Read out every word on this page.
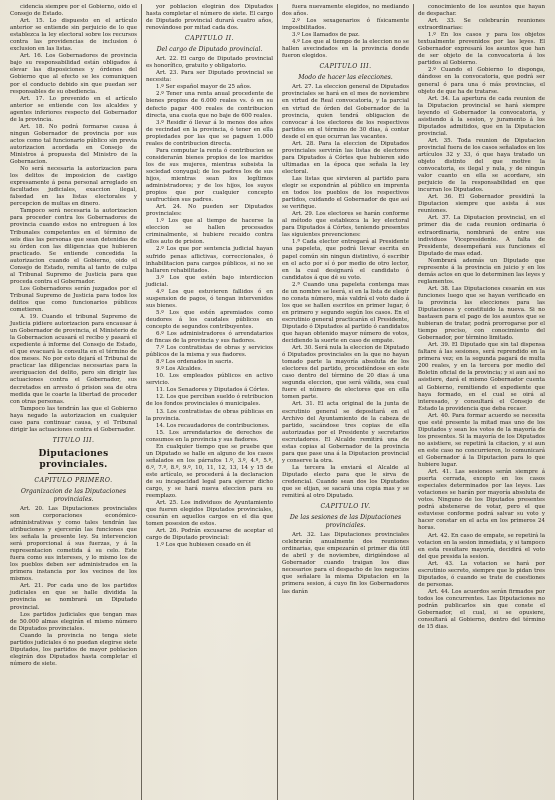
cidencia siempre por el Gobierno, oido el Consejo de Estado.

Art. 15. Lo dispuesto en el artículo anterior se entiende sin perjuicio de lo que establezca la ley electoral sobre los recursos contra las providencias de inclusion ó exclusion en las listas.

Art. 16. Los Gobernadores de provincia bajo su responsabilidad están obligados á elevar las disposiciones y órdenes del Gobierno que al efecto se les comuniquen por el conducto debido sin que puedan ser responsables de su obediencia.

Art. 17. Lo prevenido en el artículo anterior se entiende con los alcaldes y agentes inferiores respecto del Gobernador de la provincia.

Art. 18. No podrá formarse causa á ningun Gobernador de provincia por sus actos como tal funcionario público sin previa autorizacion acordada en Consejo de Ministros á propuesta del Ministro de la Gobernacion.

No será necesaria la autorizacion para los delitos de imposicion de castigo expresamente á pena personal arreglado en facultades judiciales, exaccion ilegal, falsedad en las listas electorales y percepcion de multas en dinero.

Tampoco será necesaria la autorizacion para proceder contra los Gobernadores de provincia cuando estos no entreguen á los Tribunales competentes en el término de seis dias las personas que sean detenidas de su órden con las diligencias que hubieren practicado. Se entiende concedida la autorizacion cuando el Gobierno, oido el Consejo de Estado, remita al tanto de culpa al Tribunal Supremo de Justicia para que proceda contra el Gobernador.

Los Gobernadores serán juzgados por el Tribunal Supremo de Justicia para todos los delitos que como funcionarios públicos cometieren.

A. 19. Cuando el tribunal Supremo de Justicia pidiere autorizacion para encausar á un Gobernador de provincia, el Ministerio de la Gobernacion acusará el recibo y pasará el expediente á informe del Consejo de Estado, el que evacuará la consulta en el término de dos meses. No por esto dejará el Tribunal de practicar las diligencias necesarias para la averiguacion del delito, pero sin dirigir las actuaciones contra el Gobernador, sus decretados en arresto ó prision sea de otra medida que le coarte la libertad de proceder con otras personas.

Tampoco las tendrán las que el Gobierno haya negado la autorizacion en cualquier caso para continuar causa, y el Tribunal dirigir las actuaciones contra el Gobernador.

TITULO III.
Diputaciones provinciales.
CAPITULO PRIMERO.
Organizacion de las Diputaciones provinciales.

Art. 20. Las Diputaciones provinciales son corporaciones económico-administrativas y como tales tendrán las atribuciones y ejercerán las funciones que les señala la presente ley. Su intervencion será proporcional á sus fuerzas, y á la representacion cometida á su celo. Este fuera como sus intereses, y lo mismo los de los pueblos deben ser administrados en la primera instancia por los vecinos de los mismos.

Art. 21. Por cada uno de los partidos judiciales en que se halle dividida la provincia se nombrará un Diputado provincial.

Los partidos judiciales que tengan mas de 50.000 almas elegirán el mismo número de Diputados provinciales.

Cuando la provincia no tenga siete partidos judiciales ó no puedan elegirse siete Diputados, los partidos de mayor poblacion elegirán dos Diputados hasta completar el número de siete.

yor poblacion elegirán dos Diputados hasta completar el número de siete. El cargo de Diputado provincial durará cuatro años, renovándose por mitad cada dos.

CAPITULO II.
Del cargo de Diputado provincial.

Art. 22. El cargo de Diputado provincial es honorífico, gratuito y obligatorio.

Art. 23. Para ser Diputado provincial se necesita:

1.º Ser español mayor de 25 años.

2.º Tener una renta anual procedente de bienes propios de 6.000 reales vs. ó en su defecto pagar 400 reales de contribucion directa, una cuota que no baje de 600 reales.

3.º Residir ó llevar á lo menos dos años de vecindad en la provincia, ó tener en ella propiedades por las que se paguen 1.000 reales de contribucion directa.

Para computar la renta ó contribucion se considerarán bienes propios de los maridos los de sus mujeres, mientras subsista la sociedad conyugal; de los padres los de sus hijos, mientras sean los legítimos administradores; y de los hijos, los suyos propios que por cualquier concepto usufructúen sus padres.

Art. 24. No pueden ser Diputados provinciales:

1.º Los que al tiempo de hacerse la eleccion se hallen procesados criminalmente, si hubiere recaido contra ellos auto de prision.

2.º Los que por sentencia judicial hayan sufrido penas aflictivas, correccionales, ó inhabilitacion para cargos públicos, si no se hallaren rehabilitados.

3.º Los que estén bajo interdiccion judicial.

4.º Los que estuvieren fallidos ó en suspension de pagos, ó tengan intervenidos sus bienes.

5.º Los que estén apremiados como deudores á los caudales públicos en concepto de segundos contribuyentes.

6.º Los administradores ó arrendatarios de fincas de la provincia y sus fiadores.

7.º Los contratistas de obras y servicios públicos de la misma y sus fiadores.

8.º Los ordenados in sacris.

9.º Los Alcaldes.

10. Los empleados públicos en activo servicio.

11. Los Senadores y Diputados á Córtes.

12. Los que perciban sueldo ó retribucion de los fondos provinciales ó municipales.

13. Los contratistas de obras públicas en la provincia.

14. Los recaudadores de contribuciones.

15. Los arrendatarios de derechos de consumos en la provincia y sus fiadores.

En cualquier tiempo que se pruebe que un Diputado se halle en alguno de los casos señalados en los párrafos 1.º, 3.º, 4.º, 5.º, 6.º, 7.º, 8.º, 9.º, 10, 11, 12, 13, 14 y 15 de este artículo, se procederá á la declaracion de su incapacidad legal para ejercer dicho cargo, y se hará nueva eleccion para su reemplazo.

Art. 25. Los individuos de Ayuntamiento que fueren elegidos Diputados provinciales, cesarán en aquellos cargos en el dia que tomen posesion de estos.

Art. 26. Podrán excusarse de aceptar el cargo de Diputado provincial:

1.º Los que hubiesen cesado en él

fuera nuevamente elegidos, no mediando dos años.

2.º Los sexagenarios ó físicamente imposibilitados.

3.º Los llamados de paz.

4.º Los que al tiempo de la eleccion no se hallen avecindados en la provincia donde fueron elegidos.

CAPITULO III.
Modo de hacer las elecciones.

Art. 27. La eleccion general de Diputados provinciales se hará en el mes de noviembre en virtud de Real convocatoria, y la parcial en virtud de órden del Gobernador de la provincia, quien tendrá obligacion de convocar á los electores de los respectivos partidos en el término de 30 dias, á contar desde el en que ocurran las vacantes.

Art. 28. Para la eleccion de Diputados provinciales servirán las listas de electores para Diputados á Córtes que hubieren sido ultimadas en la época que señala la ley electoral.

Las listas que sirvieren al partido para elegir se expondrán al público en imprenta en todos los pueblos de los respectivos partidos, cuidando el Gobernador de que así se verifique.

Art. 29. Los electores se harán conforme al método que establezca la ley electoral para Diputados á Córtes, teniendo presentes las siguientes prevenciones:

1.ª Cada elector entregará al Presidente una papeleta, que podrá llevar escrita en papel común sin ningun distintivo, ó escribir en el acto por sí ó por medio de otro lector, en la cual designará el candidato ó candidatos á que dé su voto.

2.ª Cuando una papeleta contenga mas de un nombre se leerá, si en la lista de elegir no consta número, más valdrá el voto dado á los que se hallen escritos en primer lugar, ó en primero y segundo según los casos. En el escrutinio general practicarán el Presidente, Diputado ó Diputados al partido ó candidatos que hayan obtenido mayor número de votos, decidiendo la suerte en caso de empate.

Art. 30. Será nula la eleccion de Diputado ó Diputados provinciales en la que no hayan tomado parte la mayoría absoluta de los electores del partido, procediéndose en este caso dentro del término de 20 dias á una segunda eleccion, que será válida, sea cual fuere el número de electores que en ella tomen parte.

Art. 31. El acta original de la junta de escrutinio general se depositará en el Archivo del Ayuntamiento de la cabeza de partido, sacándose tres copias de ella autorizadas por el Presidente y secretarios escrutadores. El Alcalde remitirá una de estas copias al Gobernador de la provincia para que pase una á la Diputacion provincial y conserve la otra.

La tercera la enviará el Alcalde al Diputado electo para que le sirva de credencial. Cuando sean dos los Diputados que se elijan, se sacará una copia mas y se remitirá al otro Diputado.

CAPITULO IV.
De las sesiones de las Diputaciones provinciales.

Art. 32. Las Diputaciones provinciales celebrarán anualmente dos reuniones ordinarias, que empezarán el primer dia útil de abril y de noviembre, dirigiéndose al Gobernador cuando traigan los dias necesarios para el despacho de los negocios que señalare la misma Diputacion en la primera sesion, á cuyo fin los Gobernadores las darán

conocimiento de los asuntos que hayan de despachar.

Art. 33. Se celebrarán reuniones extraordinarias:

1.º En los casos y para los objetos textualmente prevenidos por las leyes. El Gobernador expresará los asuntos que han de ser objeto de la convocatoria á los partidos al Gobierno.

2.º Cuando el Gobierno lo disponga, dándose en la convocatoria, que podrá ser general ó para una ó más provincias, el objeto de que ha de tratarse.

Art. 34. La apertura de cada reunion de la Diputacion provincial se hará siempre leyendo el Gobernador la convocatoria, y asistiendo á la sesion, y juramento á los Diputados admitidos, que en la Diputacion provincial.

Art. 35. Toda reunion de Diputacion provincial fuera de los casos señalados en los artículos 32 y 33, ó que haya tratado un objeto distinto del que motive la convocatoria, es ilegal y nula, y de ningun valor cuanto en ella se acordare, sin perjuicio de la responsabilidad en que incurran los Diputados.

Art. 36. El Gobernador presidirá la Diputacion siempre que asista á sus reuniones.

Art. 37. La Diputacion provincial, en el primer dia de cada reunion ordinaria ó extraordinaria, nombrará de entre sus individuos Vicepresidente. A falta de Presidente, desempeñará sus funciones el Diputado de mas edad.

Nombrará además un Diputado que represente á la provincia en juicio y en los demás actos en que lo determinen las leyes y reglamentos.

Art. 38. Las Diputaciones cesarán en sus funciones luego que se hayan verificado en la provincia las elecciones para las Diputaciones y constituido la nueva. Si no bastasen para el pago de los asuntos que se hubieran de tratar, podrá prorrogarse por el tiempo preciso, con conocimiento del Gobernador, por término limitado.

Art. 39. El Diputado que sin tal dispensa faltare á las sesiones, será reprendido en la primera vez; en la segunda pagará de multa 200 reales, y en la tercera por medio del Boletin oficial de la provincia; y si aun así no asistiere, dará el mismo Gobernador cuenta al Gobierno, remitiendo el expediente que haya formado, en el cual se oirá al interesado, y consultará el Consejo de Estado la providencia que deba recaer.

Art. 40. Para formar acuerdo se necesita que esté presente la mitad mas uno de los Diputados y sean los votos de la mayoría de los presentes. Si la mayoría de los Diputados no asistiere, se repetirá la citacion, y si aun en este caso no concurrieren, lo comunicará el Gobernador á la Diputacion para lo que hubiere lugar.

Art. 41. Las sesiones serán siempre á puerta cerrada, excepto en los casos especiales determinados por las leyes. Las votaciones se harán por mayoría absoluta de votos. Ninguno de los Diputados presentes podrá abstenerse de votar, pero el que estuviese conforme podrá salvar su voto y hacer constar en el acta en los primeros 24 horas.

Art. 42. En caso de empate, se repetirá la votacion en la sesion inmediata, y si tampoco en esta resultare mayoría, decidirá el voto del que presida la sesion.

Art. 43. La votacion se hará por escrutinio secreto, siempre que lo pidan tres Diputados, ó cuando se trate de cuestiones de personas.

Art. 44. Los acuerdos serán firmados por todos los concurrentes. Las Diputaciones no podrán publicarlos sin que conste el Gobernador, el cual, si se opusiere, consultará al Gobierno, dentro del término de 15 dias.
